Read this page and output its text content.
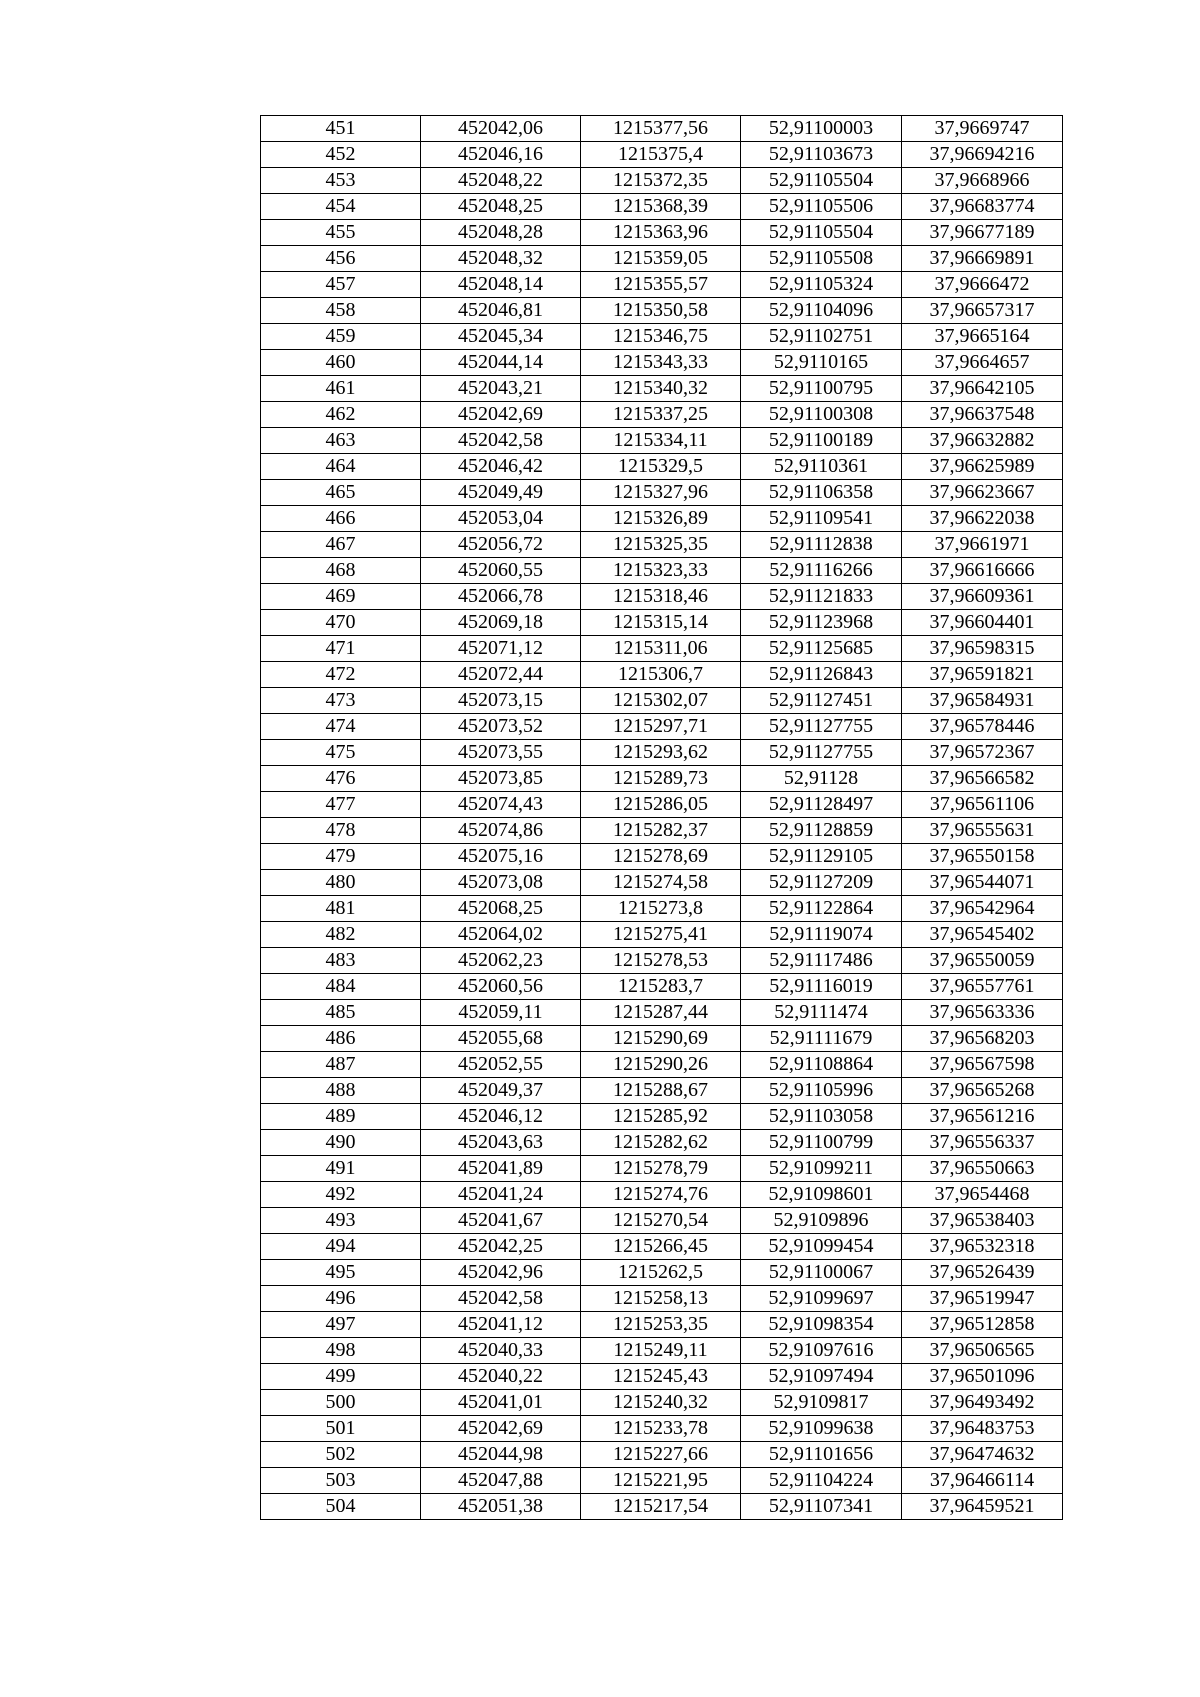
451	452042,06	1215377,56	52,91100003	37,9669747
452	452046,16	1215375,4	52,91103673	37,96694216
453	452048,22	1215372,35	52,91105504	37,9668966
454	452048,25	1215368,39	52,91105506	37,96683774
455	452048,28	1215363,96	52,91105504	37,96677189
456	452048,32	1215359,05	52,91105508	37,96669891
457	452048,14	1215355,57	52,91105324	37,9666472
458	452046,81	1215350,58	52,91104096	37,96657317
459	452045,34	1215346,75	52,91102751	37,9665164
460	452044,14	1215343,33	52,9110165	37,9664657
461	452043,21	1215340,32	52,91100795	37,96642105
462	452042,69	1215337,25	52,91100308	37,96637548
463	452042,58	1215334,11	52,91100189	37,96632882
464	452046,42	1215329,5	52,9110361	37,96625989
465	452049,49	1215327,96	52,91106358	37,96623667
466	452053,04	1215326,89	52,91109541	37,96622038
467	452056,72	1215325,35	52,91112838	37,9661971
468	452060,55	1215323,33	52,91116266	37,96616666
469	452066,78	1215318,46	52,91121833	37,96609361
470	452069,18	1215315,14	52,91123968	37,96604401
471	452071,12	1215311,06	52,91125685	37,96598315
472	452072,44	1215306,7	52,91126843	37,96591821
473	452073,15	1215302,07	52,91127451	37,96584931
474	452073,52	1215297,71	52,91127755	37,96578446
475	452073,55	1215293,62	52,91127755	37,96572367
476	452073,85	1215289,73	52,91128	37,96566582
477	452074,43	1215286,05	52,91128497	37,96561106
478	452074,86	1215282,37	52,91128859	37,96555631
479	452075,16	1215278,69	52,91129105	37,96550158
480	452073,08	1215274,58	52,91127209	37,96544071
481	452068,25	1215273,8	52,91122864	37,96542964
482	452064,02	1215275,41	52,91119074	37,96545402
483	452062,23	1215278,53	52,91117486	37,96550059
484	452060,56	1215283,7	52,91116019	37,96557761
485	452059,11	1215287,44	52,9111474	37,96563336
486	452055,68	1215290,69	52,91111679	37,96568203
487	452052,55	1215290,26	52,91108864	37,96567598
488	452049,37	1215288,67	52,91105996	37,96565268
489	452046,12	1215285,92	52,91103058	37,96561216
490	452043,63	1215282,62	52,91100799	37,96556337
491	452041,89	1215278,79	52,91099211	37,96550663
492	452041,24	1215274,76	52,91098601	37,9654468
493	452041,67	1215270,54	52,9109896	37,96538403
494	452042,25	1215266,45	52,91099454	37,96532318
495	452042,96	1215262,5	52,91100067	37,96526439
496	452042,58	1215258,13	52,91099697	37,96519947
497	452041,12	1215253,35	52,91098354	37,96512858
498	452040,33	1215249,11	52,91097616	37,96506565
499	452040,22	1215245,43	52,91097494	37,96501096
500	452041,01	1215240,32	52,9109817	37,96493492
501	452042,69	1215233,78	52,91099638	37,96483753
502	452044,98	1215227,66	52,91101656	37,96474632
503	452047,88	1215221,95	52,91104224	37,96466114
504	452051,38	1215217,54	52,91107341	37,96459521
